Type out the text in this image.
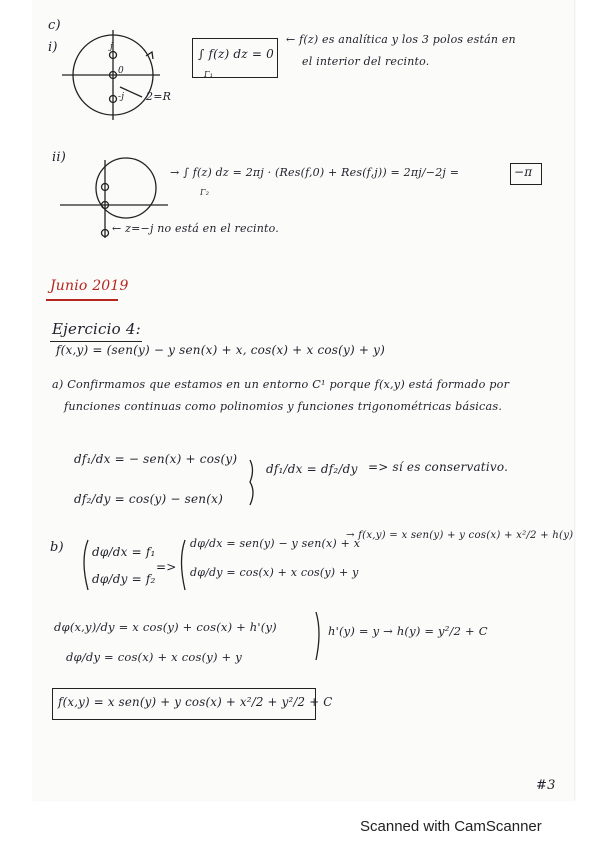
c)
i)	j
0
-j 2=R
∫ f(z) dz = 0
Γ₁
← f(z) es analítica y los 3 polos están en
el interior del recinto.
ii)
→ ∫ f(z) dz = 2πj · (Res(f,0) + Res(f,j)) = 2πj/−2j =
Γ₂
−π
← z=−j no está en el recinto.
Junio 2019
Ejercicio 4:
f(x,y) = (sen(y) − y sen(x) + x, cos(x) + x cos(y) + y)
a) Confirmamos que estamos en un entorno C¹ porque f(x,y) está formado por
funciones continuas como polinomios y funciones trigonométricas básicas.
df₁/dx = − sen(x) + cos(y)
df₂/dy = cos(y) − sen(x)
df₁/dx = df₂/dy => sí es conservativo.
b) dφ/dx = f₁
dφ/dy = f₂
=>
dφ/dx = sen(y) − y sen(x) + x
dφ/dy = cos(x) + x cos(y) + y
→ f(x,y) = x sen(y) + y cos(x) + x²/2 + h(y)
dφ(x,y)/dy = x cos(y) + cos(x) + h'(y)
dφ/dy = cos(x) + x cos(y) + y
h'(y) = y → h(y) = y²/2 + C
f(x,y) = x sen(y) + y cos(x) + x²/2 + y²/2 + C
#3
Scanned with CamScanner
